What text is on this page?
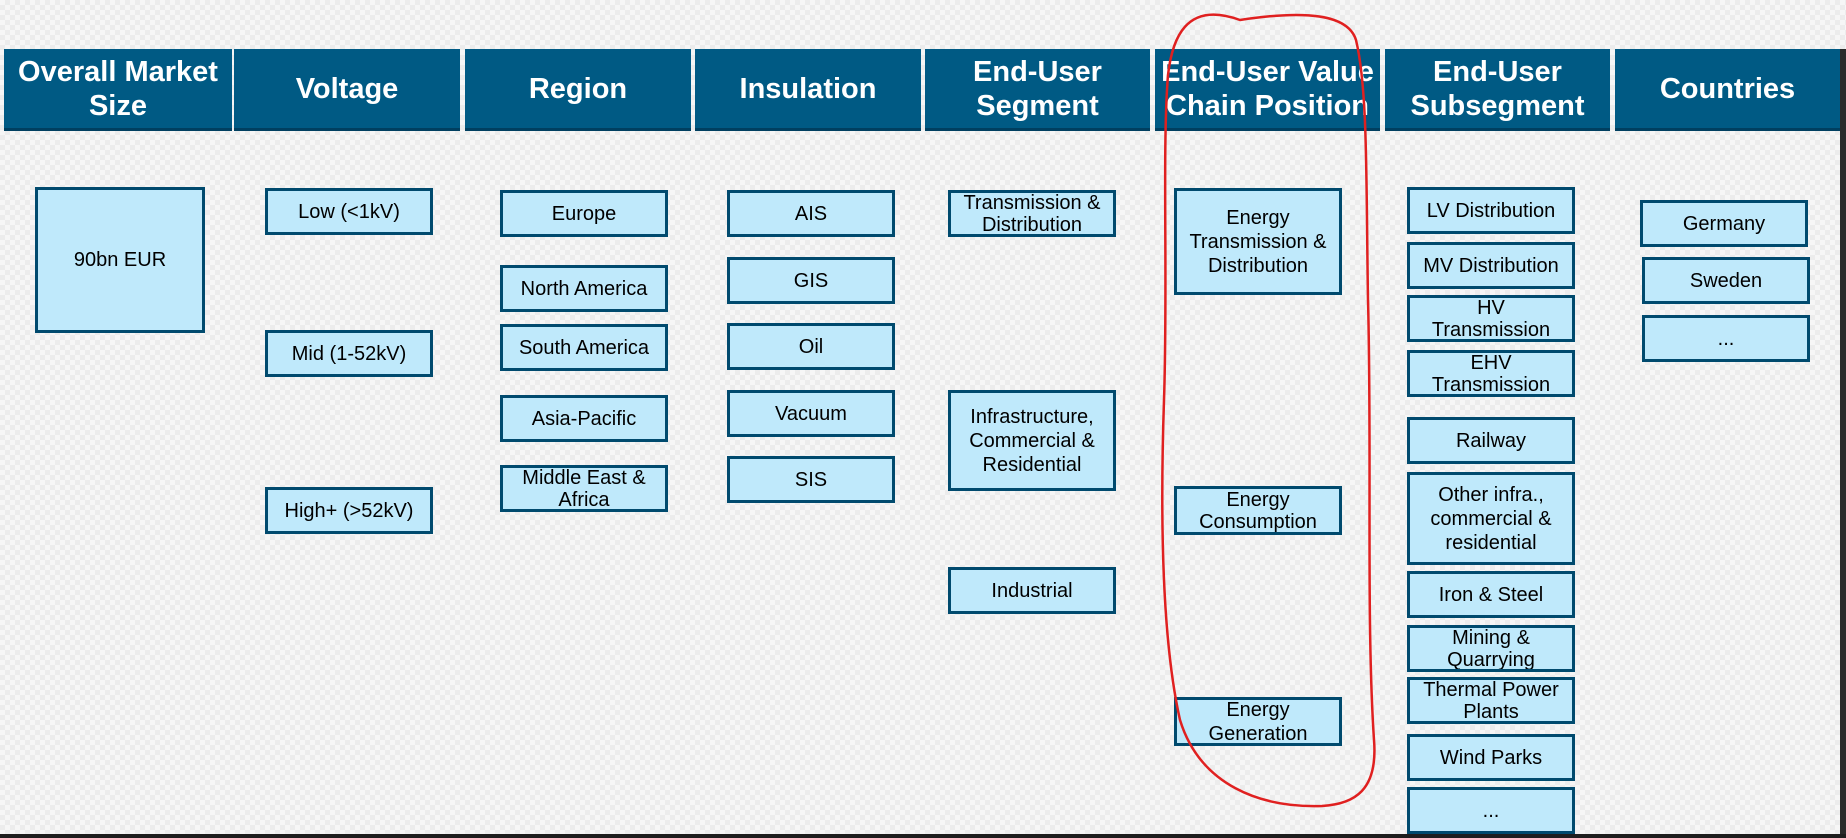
Overall Market
Size
90bn EUR
Voltage
Low (<1kV)
Mid (1-52kV)
High+ (>52kV)
Region
Europe
North America
South America
Asia-Pacific
Middle East &
Africa
Insulation
AIS
GIS
Oil
Vacuum
SIS
End-User
Segment
Transmission &
Distribution
Infrastructure,
Commercial &
Residential
Industrial
End-User Value
Chain Position
Energy
Transmission &
Distribution
Energy
Consumption
Energy
Generation
End-User
Subsegment
LV Distribution
MV Distribution
HV
Transmission
EHV
Transmission
Railway
Other infra.,
commercial &
residential
Iron & Steel
Mining &
Quarrying
Thermal Power
Plants
Wind Parks
...
Countries
Germany
Sweden
...
